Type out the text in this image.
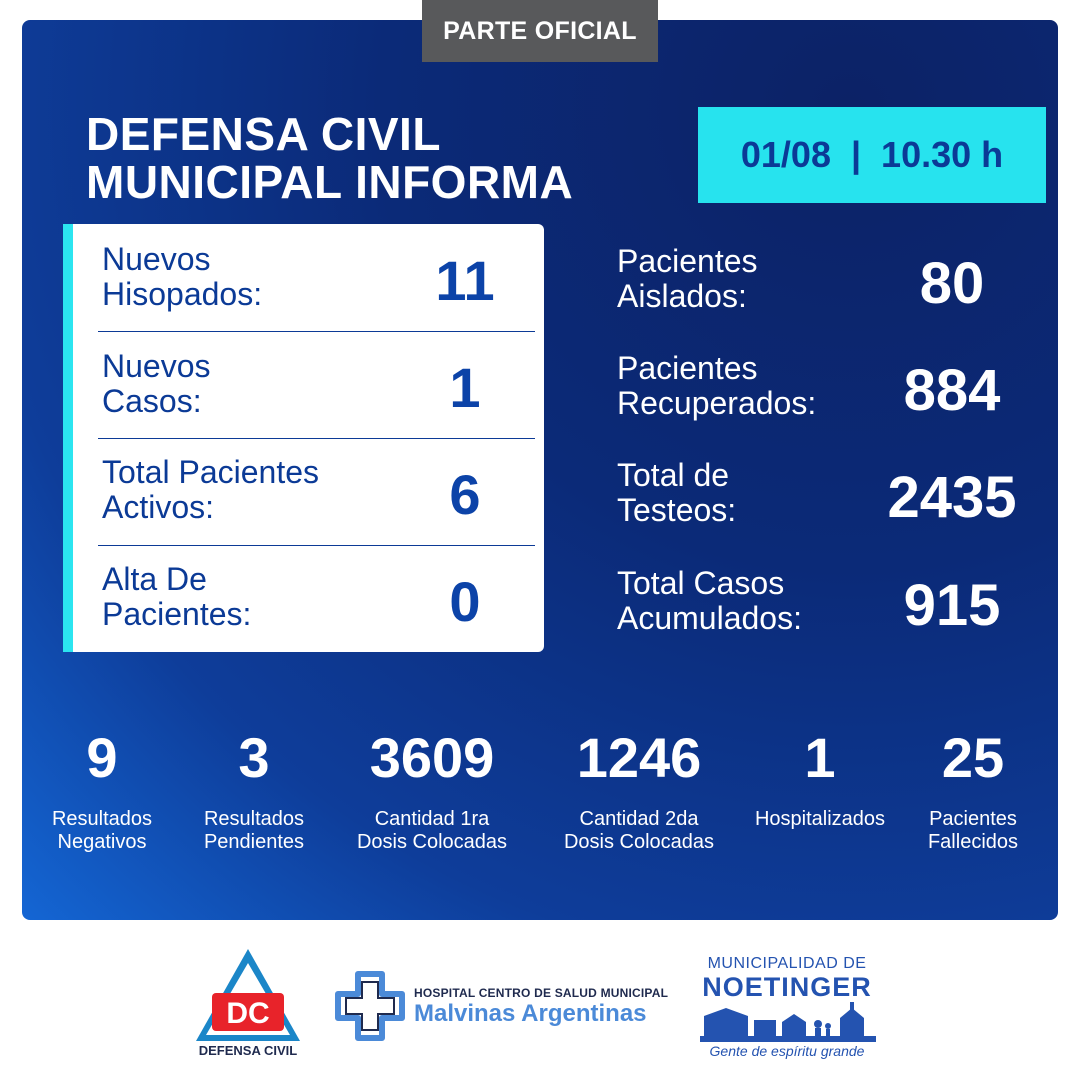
DEFENSA CIVIL
MUNICIPAL INFORMA
01/08  |  10.30 h
PARTE OFICIAL
Nuevos
Hisopados:	11
Nuevos
Casos:	1
Total Pacientes
Activos:	6
Alta De
Pacientes:	0
Pacientes
Aislados:	80
Pacientes
Recuperados:	884
Total de
Testeos:	2435
Total Casos
Acumulados:	915
9
Resultados
Negativos
3
Resultados
Pendientes
3609
Cantidad 1ra
Dosis Colocadas
1246
Cantidad 2da
Dosis Colocadas
1
Hospitalizados
25
Pacientes
Fallecidos
DC
DEFENSA CIVIL
HOSPITAL CENTRO DE SALUD MUNICIPAL
Malvinas Argentinas
MUNICIPALIDAD DE
NOETINGER
Gente de espíritu grande
